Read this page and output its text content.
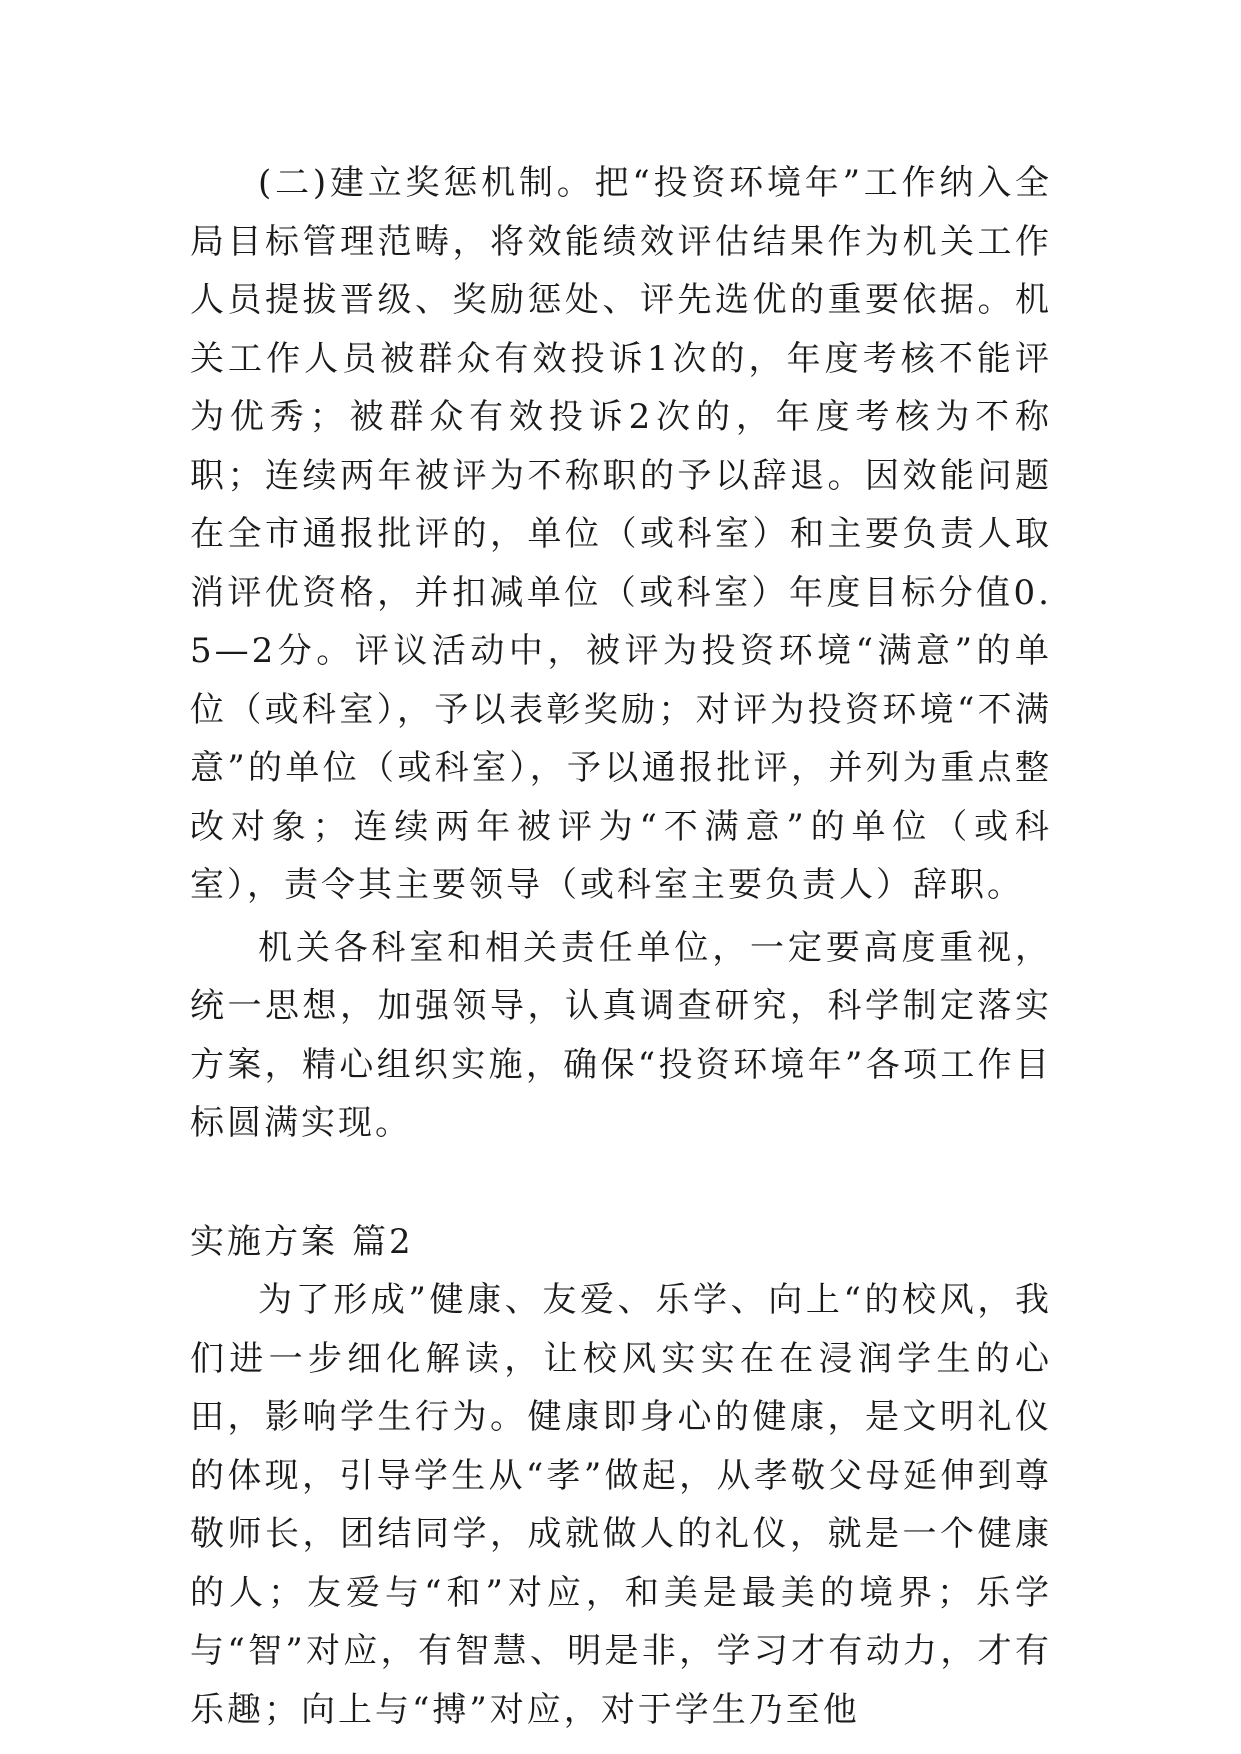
(二)建立奖惩机制。把“投资环境年”工作纳入全局目标管理范畴，将效能绩效评估结果作为机关工作人员提拔晋级、奖励惩处、评先选优的重要依据。机关工作人员被群众有效投诉1次的，年度考核不能评为优秀；被群众有效投诉2次的，年度考核为不称职；连续两年被评为不称职的予以辞退。因效能问题在全市通报批评的，单位（或科室）和主要负责人取消评优资格，并扣减单位（或科室）年度目标分值0.5—2分。评议活动中，被评为投资环境“满意”的单位（或科室），予以表彰奖励；对评为投资环境“不满意”的单位（或科室），予以通报批评，并列为重点整改对象；连续两年被评为“不满意”的单位（或科室），责令其主要领导（或科室主要负责人）辞职。

机关各科室和相关责任单位，一定要高度重视，统一思想，加强领导，认真调查研究，科学制定落实方案，精心组织实施，确保“投资环境年”各项工作目标圆满实现。

实施方案 篇2

为了形成”健康、友爱、乐学、向上“的校风，我们进一步细化解读，让校风实实在在浸润学生的心田，影响学生行为。健康即身心的健康，是文明礼仪的体现，引导学生从“孝”做起，从孝敬父母延伸到尊敬师长，团结同学，成就做人的礼仪，就是一个健康的人；友爱与“和”对应，和美是最美的境界；乐学与“智”对应，有智慧、明是非，学习才有动力，才有乐趣；向上与“搏”对应，对于学生乃至他
